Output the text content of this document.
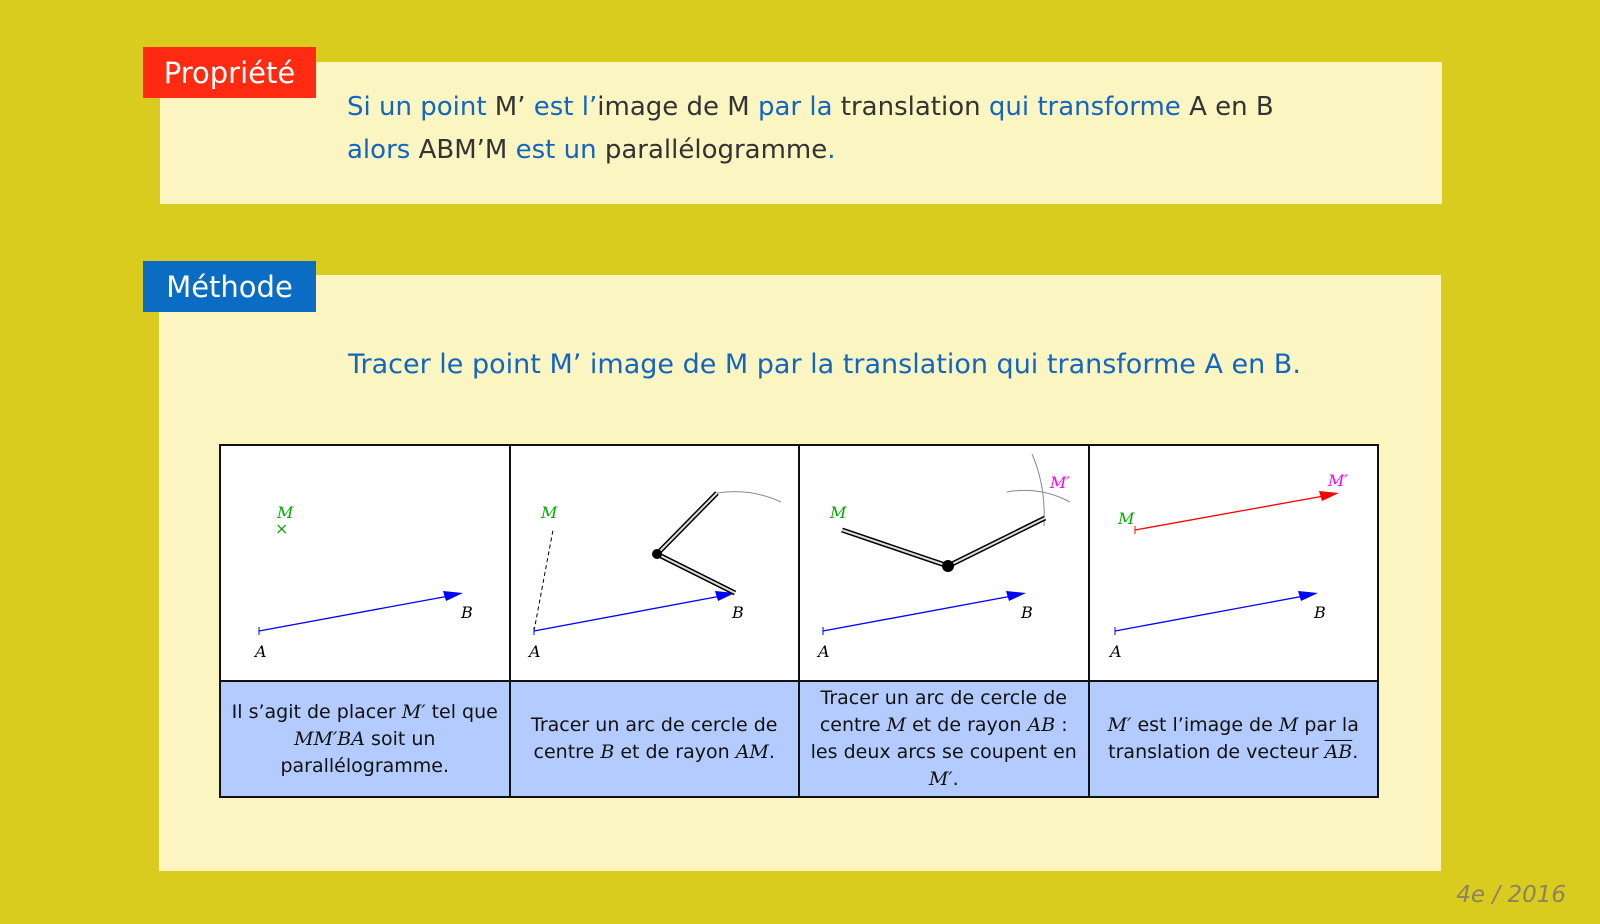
Propriété
Si un point M’ est l’image de M par la translation qui transforme A en B
alors ABM’M est un parallélogramme.
Méthode
Tracer le point M’ image de M par la translation qui transforme A en B.
M
×
A
B	M
A
B	M
M′
A
B	M
M′
A
B

Il s’agit de placer M′ tel que MM′BA soit un parallélogramme.	Tracer un arc de cercle de centre B et de rayon AM.	Tracer un arc de cercle de centre M et de rayon AB : les deux arcs se coupent en M′.	M′ est l’image de M par la translation de vecteur $\overline{AB}$.
4e / 2016
